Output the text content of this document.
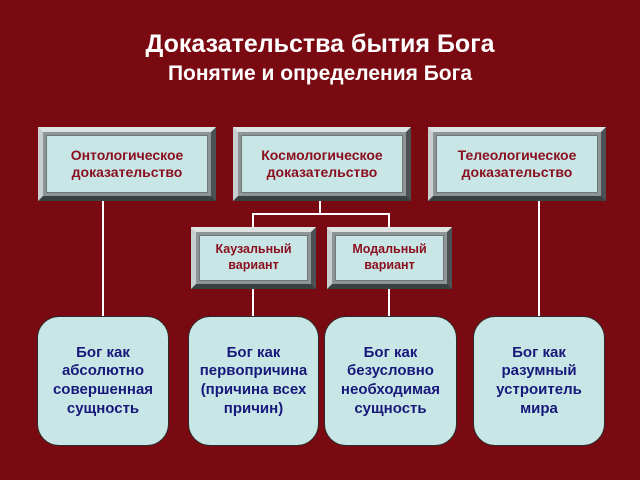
Доказательства бытия Бога
Понятие и определения Бога
Онтологическое
доказательство
Космологическое
доказательство
Телеологическое
доказательство
Каузальный
вариант
Модальный
вариант
Бог как
абсолютно
совершенная
сущность
Бог как
первопричина
(причина всех
причин)
Бог как
безусловно
необходимая
сущность
Бог как
разумный
устроитель
мира
